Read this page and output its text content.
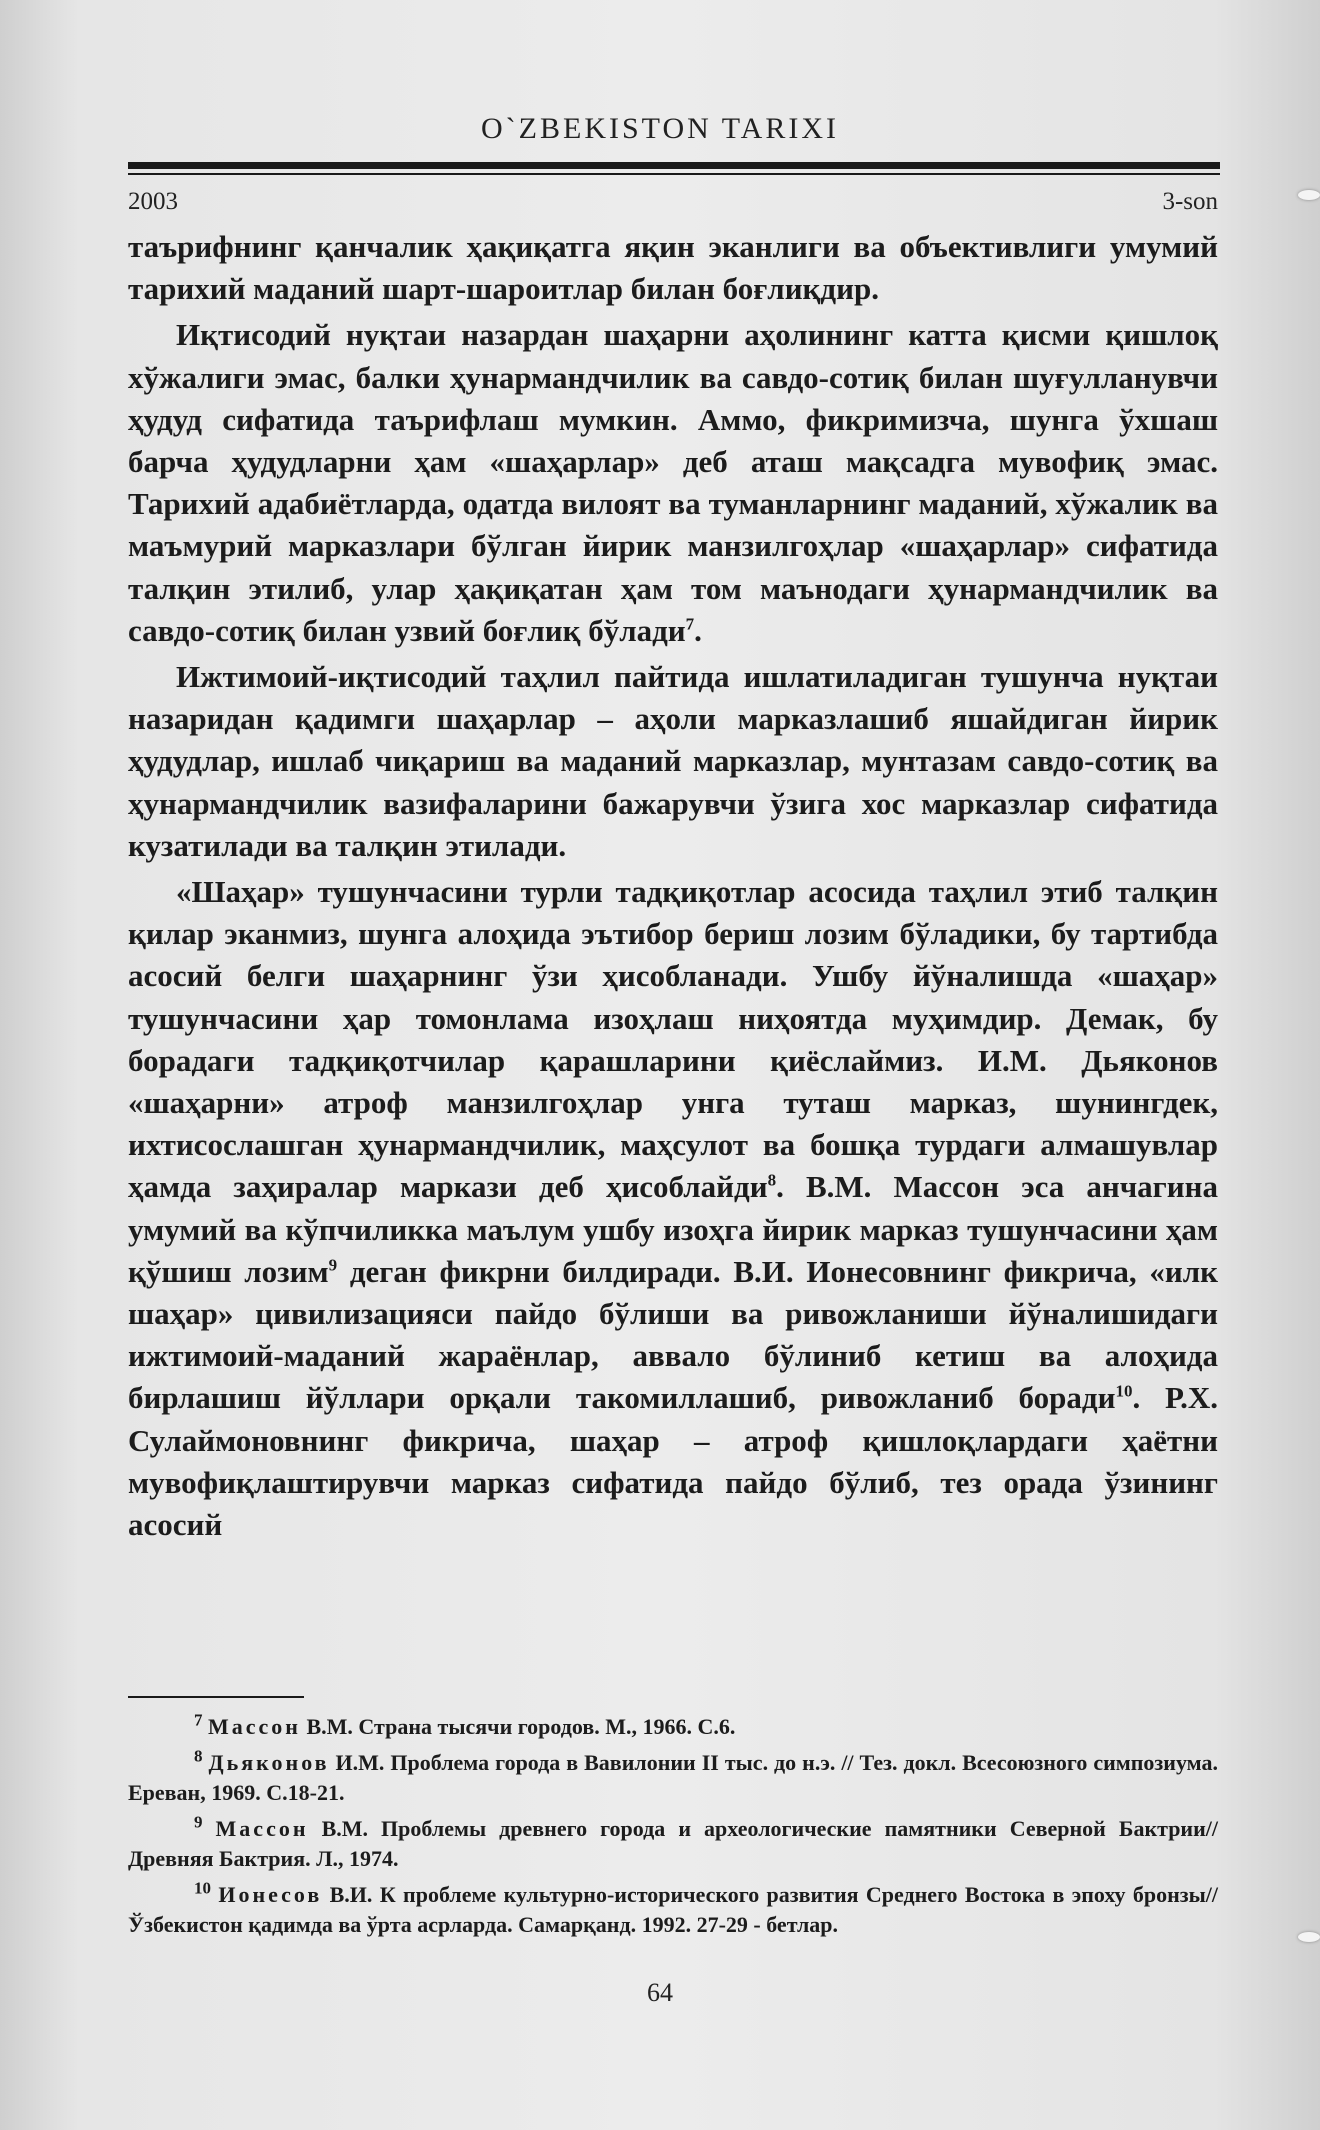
O`ZBEKISTON TARIXI
2003	3-son

таърифнинг қанчалик ҳақиқатга яқин эканлиги ва объективлиги умумий тарихий маданий шарт-шароитлар билан боғлиқдир.

Иқтисодий нуқтаи назардан шаҳарни аҳолининг катта қисми қишлоқ хўжалиги эмас, балки ҳунармандчилик ва савдо-сотиқ билан шуғулланувчи ҳудуд сифатида таърифлаш мумкин. Аммо, фикримизча, шунга ўхшаш барча ҳудудларни ҳам «шаҳарлар» деб аташ мақсадга мувофиқ эмас. Тарихий адабиётларда, одатда вилоят ва туманларнинг маданий, хўжалик ва маъмурий марказлари бўлган йирик манзилгоҳлар «шаҳарлар» сифатида талқин этилиб, улар ҳақиқатан ҳам том маънодаги ҳунармандчилик ва савдо-сотиқ билан узвий боғлиқ бўлади$^7$.

Ижтимоий-иқтисодий таҳлил пайтида ишлатиладиган тушунча нуқтаи назаридан қадимги шаҳарлар – аҳоли марказлашиб яшайдиган йирик ҳудудлар, ишлаб чиқариш ва маданий марказлар, мунтазам савдо-сотиқ ва ҳунармандчилик вазифаларини бажарувчи ўзига хос марказлар сифатида кузатилади ва талқин этилади.

«Шаҳар» тушунчасини турли тадқиқотлар асосида таҳлил этиб талқин қилар эканмиз, шунга алоҳида эътибор бериш лозим бўладики, бу тартибда асосий белги шаҳарнинг ўзи ҳисобланади. Ушбу йўналишда «шаҳар» тушунчасини ҳар томонлама изоҳлаш ниҳоятда муҳимдир. Демак, бу борадаги тадқиқотчилар қарашларини қиёслаймиз. И.М. Дьяконов «шаҳарни» атроф манзилгоҳлар унга туташ марказ, шунингдек, ихтисослашган ҳунармандчилик, маҳсулот ва бошқа турдаги алмашувлар ҳамда заҳиралар маркази деб ҳисоблайди$^8$. В.М. Массон эса анчагина умумий ва кўпчиликка маълум ушбу изоҳга йирик марказ тушунчасини ҳам қўшиш лозим$^9$ деган фикрни билдиради. В.И. Ионесовнинг фикрича, «илк шаҳар» цивилизацияси пайдо бўлиши ва ривожланиши йўналишидаги ижтимоий-маданий жараёнлар, аввало бўлиниб кетиш ва алоҳида бирлашиш йўллари орқали такомиллашиб, ривожланиб боради$^{10}$. Р.Х. Сулаймоновнинг фикрича, шаҳар – атроф қишлоқлардаги ҳаётни мувофиқлаштирувчи марказ сифатида пайдо бўлиб, тез орада ўзининг асосий

$^7$ Массон В.М. Страна тысячи городов. М., 1966. С.6.

$^8$ Дьяконов И.М. Проблема города в Вавилонии II тыс. до н.э. // Тез. докл. Всесоюзного симпозиума. Ереван, 1969. С.18-21.

$^9$ Массон В.М. Проблемы древнего города и археологические памятники Северной Бактрии// Древняя Бактрия. Л., 1974.

$^{10}$ Ионесов В.И. К проблеме культурно-исторического развития Среднего Востока в эпоху бронзы// Ўзбекистон қадимда ва ўрта асрларда. Самарқанд. 1992. 27-29 - бетлар.

64
